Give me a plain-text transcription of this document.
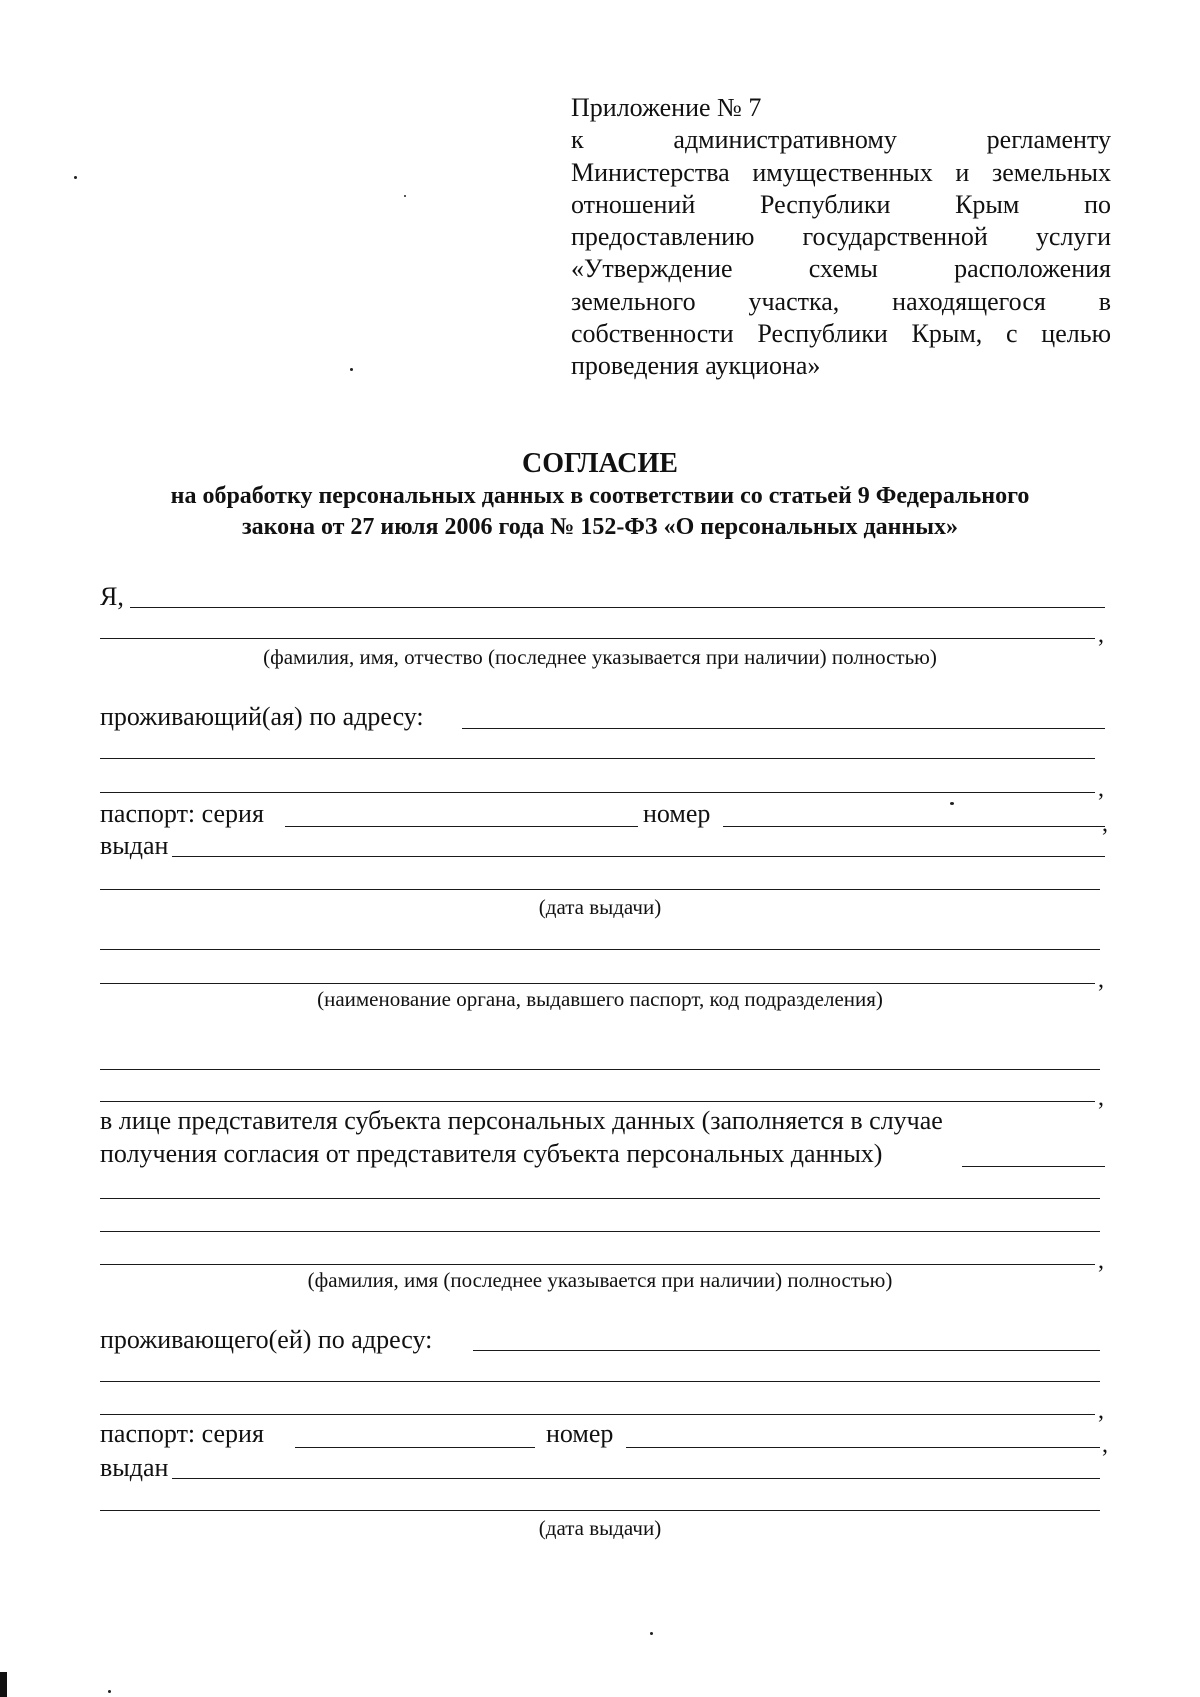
Приложение № 7
к административному регламенту
Министерства имущественных и земельных
отношений Республики Крым по
предоставлению государственной услуги
«Утверждение схемы расположения
земельного участка, находящегося в
собственности Республики Крым, с целью
проведения аукциона»
СОГЛАСИЕ
на обработку персональных данных в соответствии со статьей 9 Федерального
закона от 27 июля 2006 года № 152-ФЗ «О персональных данных»
Я,
,
(фамилия, имя, отчество (последнее указывается при наличии) полностью)
проживающий(ая) по адресу:
,
паспорт: серия	номер	,
выдан
(дата выдачи)
,
(наименование органа, выдавшего паспорт, код подразделения)
,
в лице представителя субъекта персональных данных (заполняется в случае
получения согласия от представителя субъекта персональных данных)
,
(фамилия, имя (последнее указывается при наличии) полностью)
проживающего(ей) по адресу:
,
паспорт: серия	номер	,
выдан
(дата выдачи)
